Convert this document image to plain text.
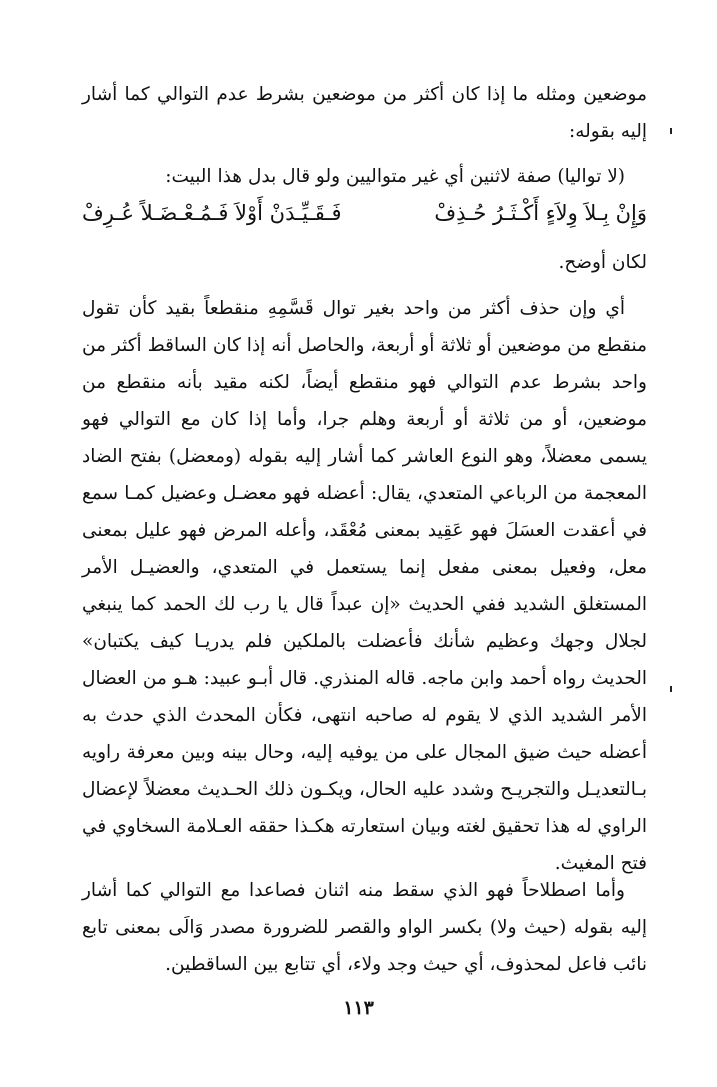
موضعين ومثله ما إذا كان أكثر من موضعين بشرط عدم التوالي كما أشار إليه بقوله:

(لا تواليا) صفة لاثنين أي غير متواليين ولو قال بدل هذا البيت:

وَإِنْ بِـلاَ وِلاَءٍ أَكْـثَـرُ حُـذِفْ
فَـقَـيِّـدَنْ أَوْلاَ فَـمُـعْـضَـلاً عُـرِفْ

لكان أوضح.

أي وإن حذف أكثر من واحد بغير توال قَسَّمِهِ منقطعاً بقيد كأن تقول منقطع من موضعين أو ثلاثة أو أربعة، والحاصل أنه إذا كان الساقط أكثر من واحد بشرط عدم التوالي فهو منقطع أيضاً، لكنه مقيد بأنه منقطع من موضعين، أو من ثلاثة أو أربعة وهلم جرا، وأما إذا كان مع التوالي فهو يسمى معضلاً، وهو النوع العاشر كما أشار إليه بقوله (ومعضل) بفتح الضاد المعجمة من الرباعي المتعدي، يقال: أعضله فهو معضـل وعضيل كمـا سمع في أعقدت العسَلَ فهو عَقِيد بمعنى مُعْقَد، وأعله المرض فهو عليل بمعنى معل، وفعيل بمعنى مفعل إنما يستعمل في المتعدي، والعضيـل الأمر المستغلق الشديد ففي الحديث «إن عبداً قال يا رب لك الحمد كما ينبغي لجلال وجهك وعظيم شأنك فأعضلت بالملكين فلم يدريـا كيف يكتبان» الحديث رواه أحمد وابن ماجه. قاله المنذري. قال أبـو عبيد: هـو من العضال الأمر الشديد الذي لا يقوم له صاحبه انتهى، فكأن المحدث الذي حدث به أعضله حيث ضيق المجال على من يوفيه إليه، وحال بينه وبين معرفة راويه بـالتعديـل والتجريـح وشدد عليه الحال، ويكـون ذلك الحـديث معضلاً لإعضال الراوي له هذا تحقيق لغته وبيان استعارته هكـذا حققه العـلامة السخاوي في فتح المغيث.

وأما اصطلاحاً فهو الذي سقط منه اثنان فصاعدا مع التوالي كما أشار إليه بقوله (حيث ولا) بكسر الواو والقصر للضرورة مصدر وَالَى بمعنى تابع نائب فاعل لمحذوف، أي حيث وجد ولاء، أي تتابع بين الساقطين.

١١٣
